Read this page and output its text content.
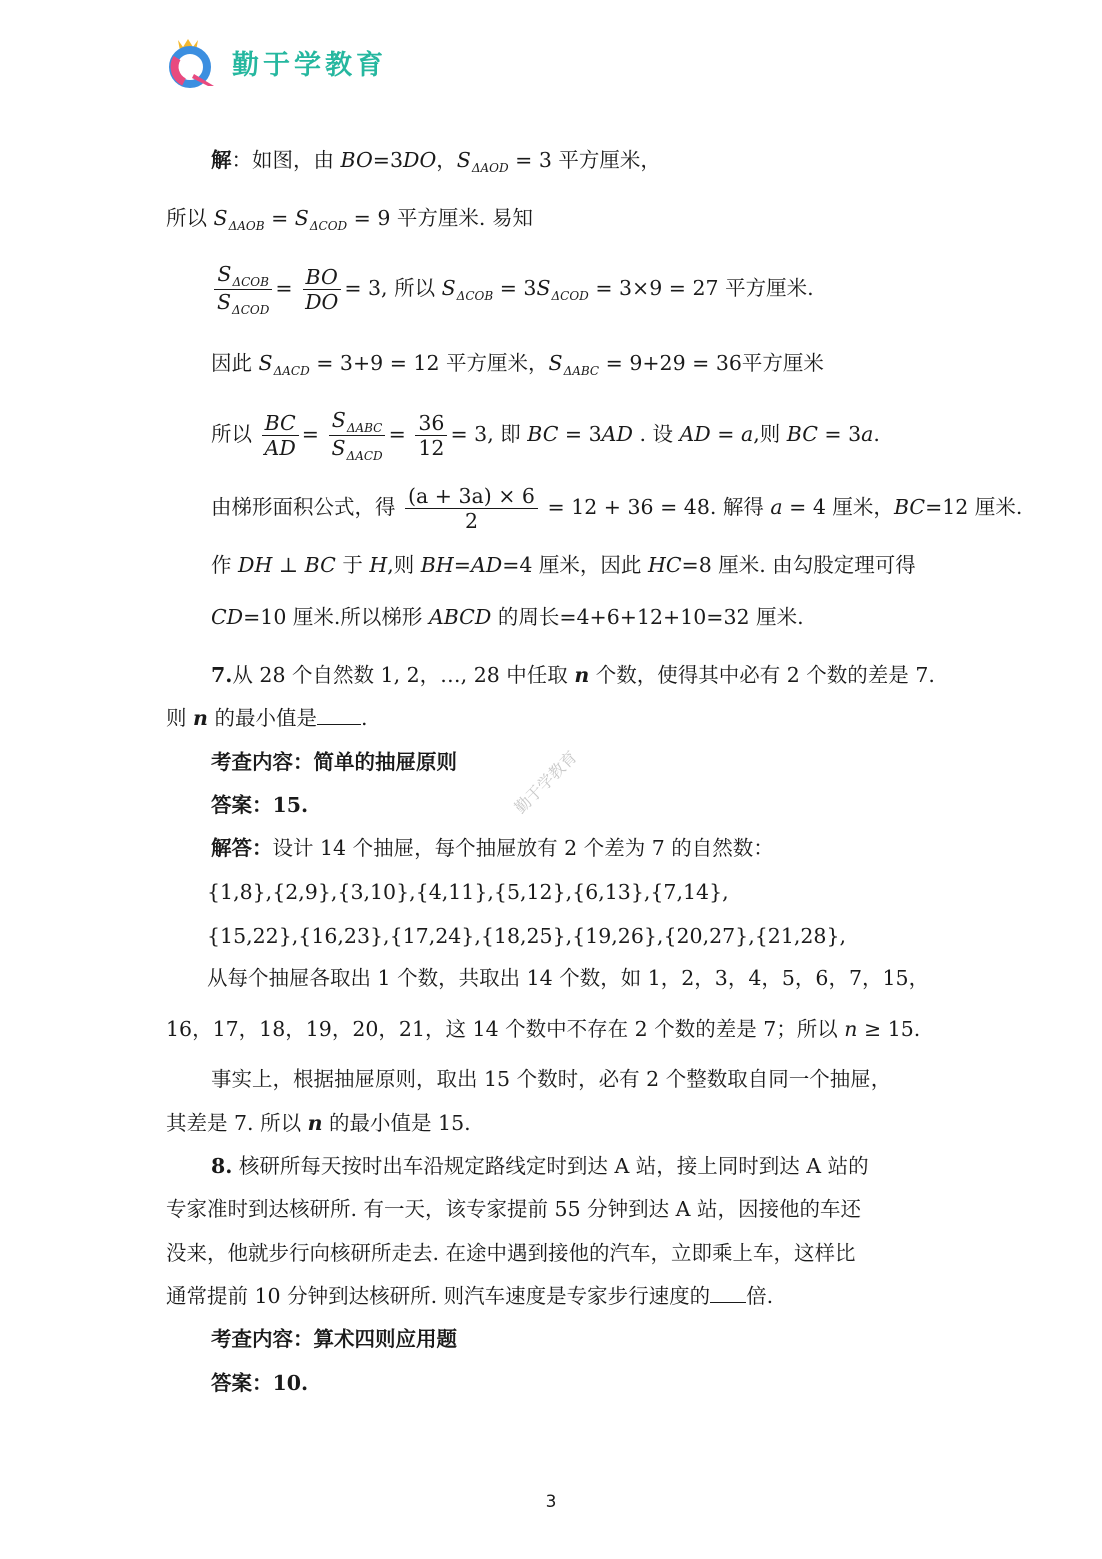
勤于学教育
解：如图，由 BO=3DO，$S_{\Delta AOD} = 3$ 平方厘米，
所以 $S_{\Delta AOB} = S_{\Delta COD} = 9$ 平方厘米. 易知
$\frac{S_{\Delta COB}}{S_{\Delta COD}} = \frac{BO}{DO} = 3$, 所以 $S_{\Delta COB} = 3S_{\Delta COD} = 3\times 9 = 27$ 平方厘米.
因此 $S_{\Delta ACD} = 3+9 = 12$ 平方厘米，$S_{\Delta ABC} = 9+29 = 36$平方厘米
所以 $\frac{BC}{AD} = \frac{S_{\Delta ABC}}{S_{\Delta ACD}} = \frac{36}{12} = 3$, 即 BC = 3AD . 设 AD = a,则 BC = 3a.
由梯形面积公式，得 $\frac{(a + 3a) \times 6}{2} = 12 + 36 = 48$. 解得 a = 4 厘米，BC=12 厘米.
作 DH ⊥ BC 于 H,则 BH=AD=4 厘米，因此 HC=8 厘米. 由勾股定理可得
CD=10 厘米.所以梯形 ABCD 的周长=4+6+12+10=32 厘米.
7.从 28 个自然数 1, 2，…, 28 中任取 n 个数，使得其中必有 2 个数的差是 7.
则 n 的最小值是 .
考查内容：简单的抽屉原则
答案：15.
解答：设计 14 个抽屉，每个抽屉放有 2 个差为 7 的自然数：
{1,8},{2,9},{3,10},{4,11},{5,12},{6,13},{7,14},
{15,22},{16,23},{17,24},{18,25},{19,26},{20,27},{21,28},
从每个抽屉各取出 1 个数，共取出 14 个数，如 1，2，3，4，5，6，7，15，
16，17，18，19，20，21，这 14 个数中不存在 2 个数的差是 7；所以 n ≥ 15.
事实上，根据抽屉原则，取出 15 个数时，必有 2 个整数取自同一个抽屉，
其差是 7. 所以 n 的最小值是 15.
8. 核研所每天按时出车沿规定路线定时到达 A 站，接上同时到达 A 站的
专家准时到达核研所. 有一天，该专家提前 55 分钟到达 A 站，因接他的车还
没来，他就步行向核研所走去. 在途中遇到接他的汽车，立即乘上车，这样比
通常提前 10 分钟到达核研所. 则汽车速度是专家步行速度的 倍.
考查内容：算术四则应用题
答案：10.
勤于学教育
3
